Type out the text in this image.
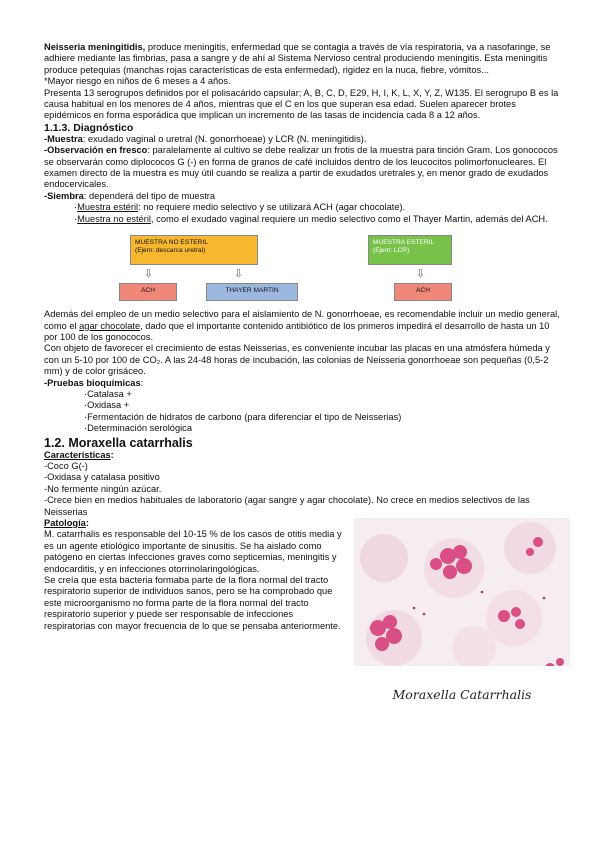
Neisseria meningitidis, produce meningitis, enfermedad que se contagia a través de vía respiratoria, va a nasofaringe, se adhiere mediante las fimbrias, pasa a sangre y de ahí al Sistema Nervioso central produciendo meningitis. Esta meningitis produce petequias (manchas rojas características de esta enfermedad), rigidez en la nuca, fiebre, vómitos...

*Mayor riesgo en niños de 6 meses a 4 años.

Presenta 13 serogrupos definidos por el polisacárido capsular; A, B, C, D, E29, H, I, K, L, X, Y, Z, W135. El serogrupo B es la causa habitual en los menores de 4 años, mientras que el C en los que superan esa edad. Suelen aparecer brotes epidémicos en forma esporádica que implican un incremento de las tasas de incidencia cada 8 a 12 años.

1.1.3. Diagnóstico

-Muestra: exudado vaginal o uretral (N. gonorrhoeae) y LCR (N. meningitidis).

-Observación en fresco: paralelamente al cultivo se debe realizar un frotis de la muestra para tinción Gram. Los gonococos se observarán como diplococos G (-) en forma de granos de café incluidos dentro de los leucocitos polimorfonucleares. El examen directo de la muestra es muy útil cuando se realiza a partir de exudados uretrales y, en menor grado de exudados endocervicales.

-Siembra: dependerá del tipo de muestra

·Muestra estéril: no requiere medio selectivo y se utilizará ACH (agar chocolate).

·Muestra no estéril, como el exudado vaginal requiere un medio selectivo como el Thayer Martin, además del ACH.

MUESTRA NO ESTERIL
(Ejem: descarca uretral)
MUESTRA ESTERIL
(Ejem: LCR)
⇩	⇩	⇩
ACH	THAYER MARTIN	ACH

Además del empleo de un medio selectivo para el aislamiento de N. gonorrhoeae, es recomendable incluir un medio general, como el agar chocolate, dado que el importante contenido antibiótico de los primeros impedirá el desarrollo de hasta un 10 por 100 de los gonococos.

Con objeto de favorecer el crecimiento de estas Neisserias, es conveniente incubar las placas en una atmósfera húmeda y con un 5-10 por 100 de CO₂. A las 24-48 horas de incubación, las colonias de Neisseria gonorrhoeae son pequeñas (0,5-2 mm) y de color grisáceo.

-Pruebas bioquímicas:

·Catalasa +

·Oxidasa +

·Fermentación de hidratos de carbono (para diferenciar el tipo de Neisserias)

·Determinación serológica

1.2. Moraxella catarrhalis

Características:

-Coco G(-)

-Oxidasa y catalasa positivo

-No fermente ningún azúcar.

-Crece bien en medios habituales de laboratorio (agar sangre y agar chocolate). No crece en medios selectivos de las Neisserias

Patología:

M. catarrhalis es responsable del 10-15 % de los casos de otitis media y es un agente etiológico importante de sinusitis. Se ha aislado como patógeno en ciertas infecciones graves como septicemias, meningitis y endocarditis, y en infecciones otorrinolaringológicas.

Se creía que esta bacteria formaba parte de la flora normal del tracto respiratorio superior de individuos sanos, pero se ha comprobado que este microorganismo no forma parte de la flora normal del tracto respiratorio superior y puede ser responsable de infecciones respiratorias con mayor frecuencia de lo que se pensaba anteriormente.

Moraxella Catarrhalis
